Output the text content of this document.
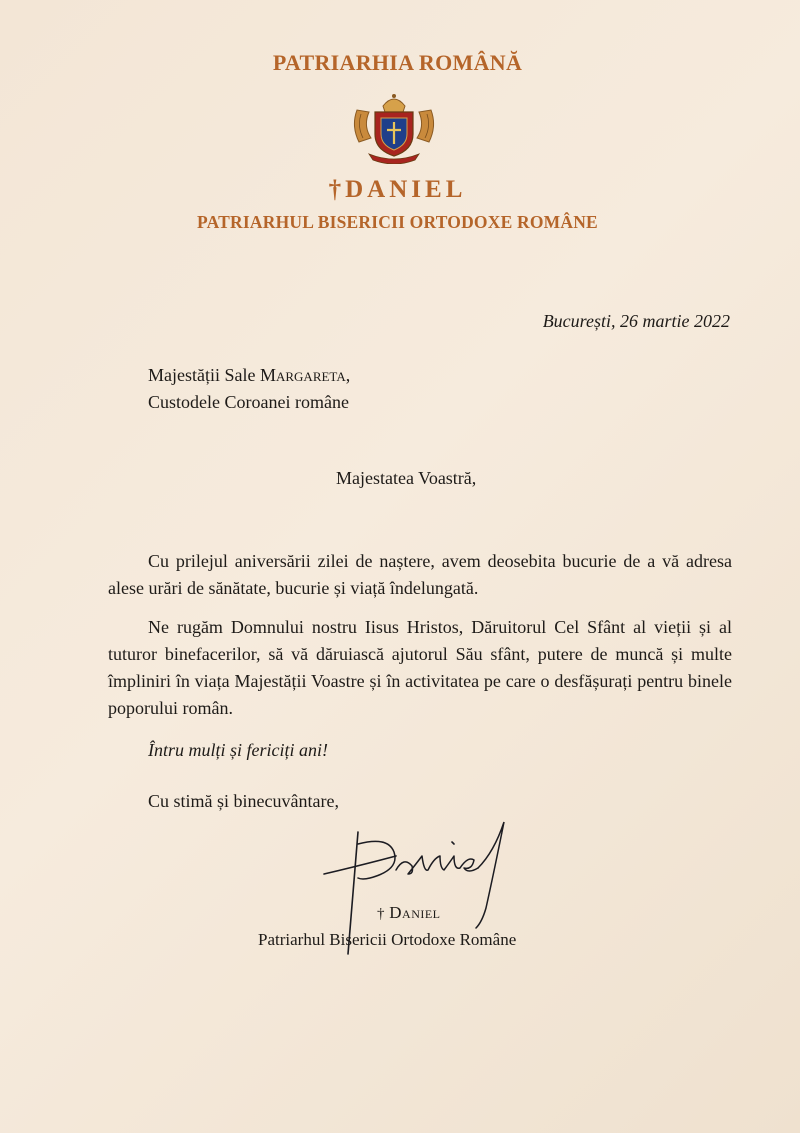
PATRIARHIA ROMÂNĂ
†DANIEL
PATRIARHUL BISERICII ORTODOXE ROMÂNE
București, 26 martie 2022
Majestății Sale Margareta,
Custodele Coroanei române
Majestatea Voastră,

Cu prilejul aniversării zilei de naștere, avem deosebita bucurie de a vă adresa alese urări de sănătate, bucurie și viață îndelungată.

Ne rugăm Domnului nostru Iisus Hristos, Dăruitorul Cel Sfânt al vieții și al tuturor binefacerilor, să vă dăruiască ajutorul Său sfânt, putere de muncă și multe împliniri în viața Majestății Voastre și în activitatea pe care o desfășurați pentru binele poporului român.

Întru mulți și fericiți ani!
Cu stimă și binecuvântare,
† Daniel
Patriarhul Bisericii Ortodoxe Române
